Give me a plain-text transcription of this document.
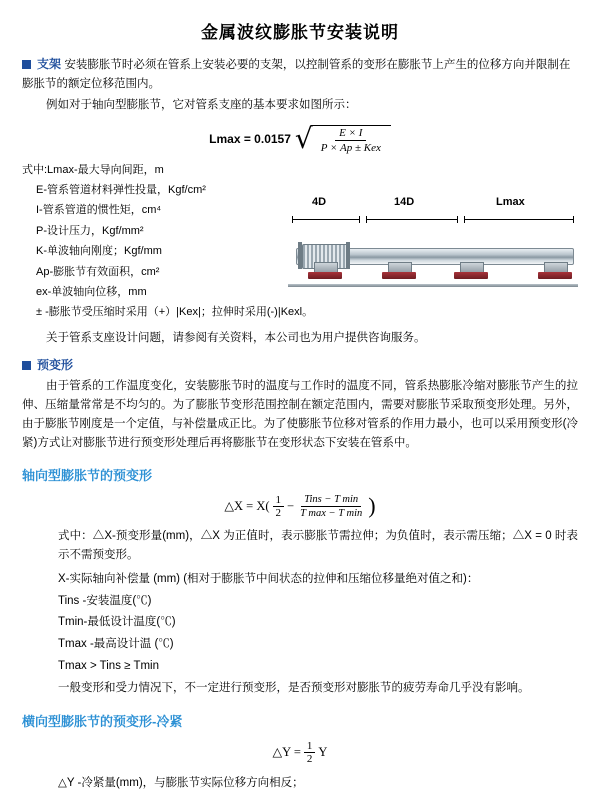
金属波纹膨胀节安装说明
支架 安装膨胀节时必须在管系上安装必要的支架，以控制管系的变形在膨胀节上产生的位移方向并限制在膨胀节的额定位移范围内。

例如对于轴向型膨胀节，它对管系支座的基本要求如图所示：

Lmax = 0.0157 √
$\frac{E \times I}{\text{P × Ap ± Kex}}$
式中:Lmax-最大导向间距，m
E-管系管道材料弹性投量，Kgf/cm²
I-管系管道的惯性矩，cm⁴
P-设计压力，Kgf/mm²
K-单波轴向刚度；Kgf/mm
Ap-膨胀节有效面积，cm²
ex-单波轴向位移，mm
± -膨胀节受压缩时采用（+）|Kex|；拉伸时采用(-)|Kexl。
4D	14D	Lmax

关于管系支座设计问题，请参阅有关资料，本公司也为用户提供咨询服务。

预变形

由于管系的工作温度变化，安装膨胀节时的温度与工作时的温度不同，管系热膨胀冷缩对膨胀节产生的拉伸、压缩量常常是不均匀的。为了膨胀节变形范围控制在额定范围内，需要对膨胀节采取预变形处理。另外，由于膨胀节刚度是一个定值，与补偿量成正比。为了使膨胀节位移对管系的作用力最小，也可以采用预变形(冷紧)方式让对膨胀节进行预变形处理后再将膨胀节在变形状态下安装在管系中。

轴向型膨胀节的预变形
△X = $X( \frac{1}{2} - \frac{\text{Tins − T min}}{\text{T max − T min}}$ )

式中：△X-预变形量(mm)，△X 为正值时，表示膨胀节需拉伸；为负值时，表示需压缩；△X = 0 时表示不需预变形。

X-实际轴向补偿量 (mm) (相对于膨胀节中间状态的拉伸和压缩位移量绝对值之和)：
Tins -安装温度(℃)
Tmin-最低设计温度(℃)
Tmax -最高设计温 (℃)
Tmax > Tins ≥ Tmin
一般变形和受力情况下，不一定进行预变形，是否预变形对膨胀节的疲劳寿命几乎没有影响。
横向型膨胀节的预变形-冷紧
△Y = $\frac{1}{2}$ Y
△Y -冷紧量(mm)，与膨胀节实际位移方向相反；
